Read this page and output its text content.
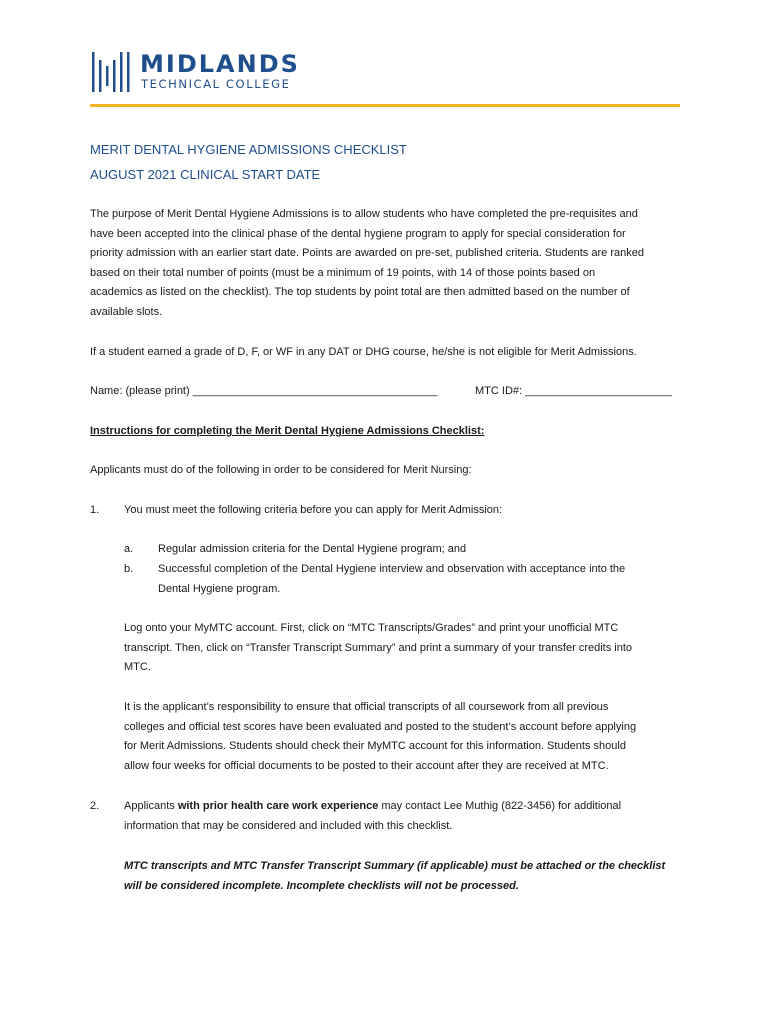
MIDLANDS
TECHNICAL COLLEGE
MERIT DENTAL HYGIENE ADMISSIONS CHECKLIST
AUGUST 2021 CLINICAL START DATE
The purpose of Merit Dental Hygiene Admissions is to allow students who have completed the pre-requisites and
have been accepted into the clinical phase of the dental hygiene program to apply for special consideration for
priority admission with an earlier start date. Points are awarded on pre-set, published criteria. Students are ranked
based on their total number of points (must be a minimum of 19 points, with 14 of those points based on
academics as listed on the checklist). The top students by point total are then admitted based on the number of
available slots.
If a student earned a grade of D, F, or WF in any DAT or DHG course, he/she is not eligible for Merit Admissions.
Name: (please print) ________________________________________	MTC ID#: ________________________
Instructions for completing the Merit Dental Hygiene Admissions Checklist:
Applicants must do of the following in order to be considered for Merit Nursing:
1. You must meet the following criteria before you can apply for Merit Admission:
a. Regular admission criteria for the Dental Hygiene program; and
b. Successful completion of the Dental Hygiene interview and observation with acceptance into the
Dental Hygiene program.
Log onto your MyMTC account. First, click on “MTC Transcripts/Grades” and print your unofficial MTC
transcript. Then, click on “Transfer Transcript Summary” and print a summary of your transfer credits into
MTC.
It is the applicant’s responsibility to ensure that official transcripts of all coursework from all previous
colleges and official test scores have been evaluated and posted to the student’s account before applying
for Merit Admissions. Students should check their MyMTC account for this information. Students should
allow four weeks for official documents to be posted to their account after they are received at MTC.
2. Applicants with prior health care work experience may contact Lee Muthig (822-3456) for additional
information that may be considered and included with this checklist.
MTC transcripts and MTC Transfer Transcript Summary (if applicable) must be attached or the checklist
will be considered incomplete. Incomplete checklists will not be processed.
